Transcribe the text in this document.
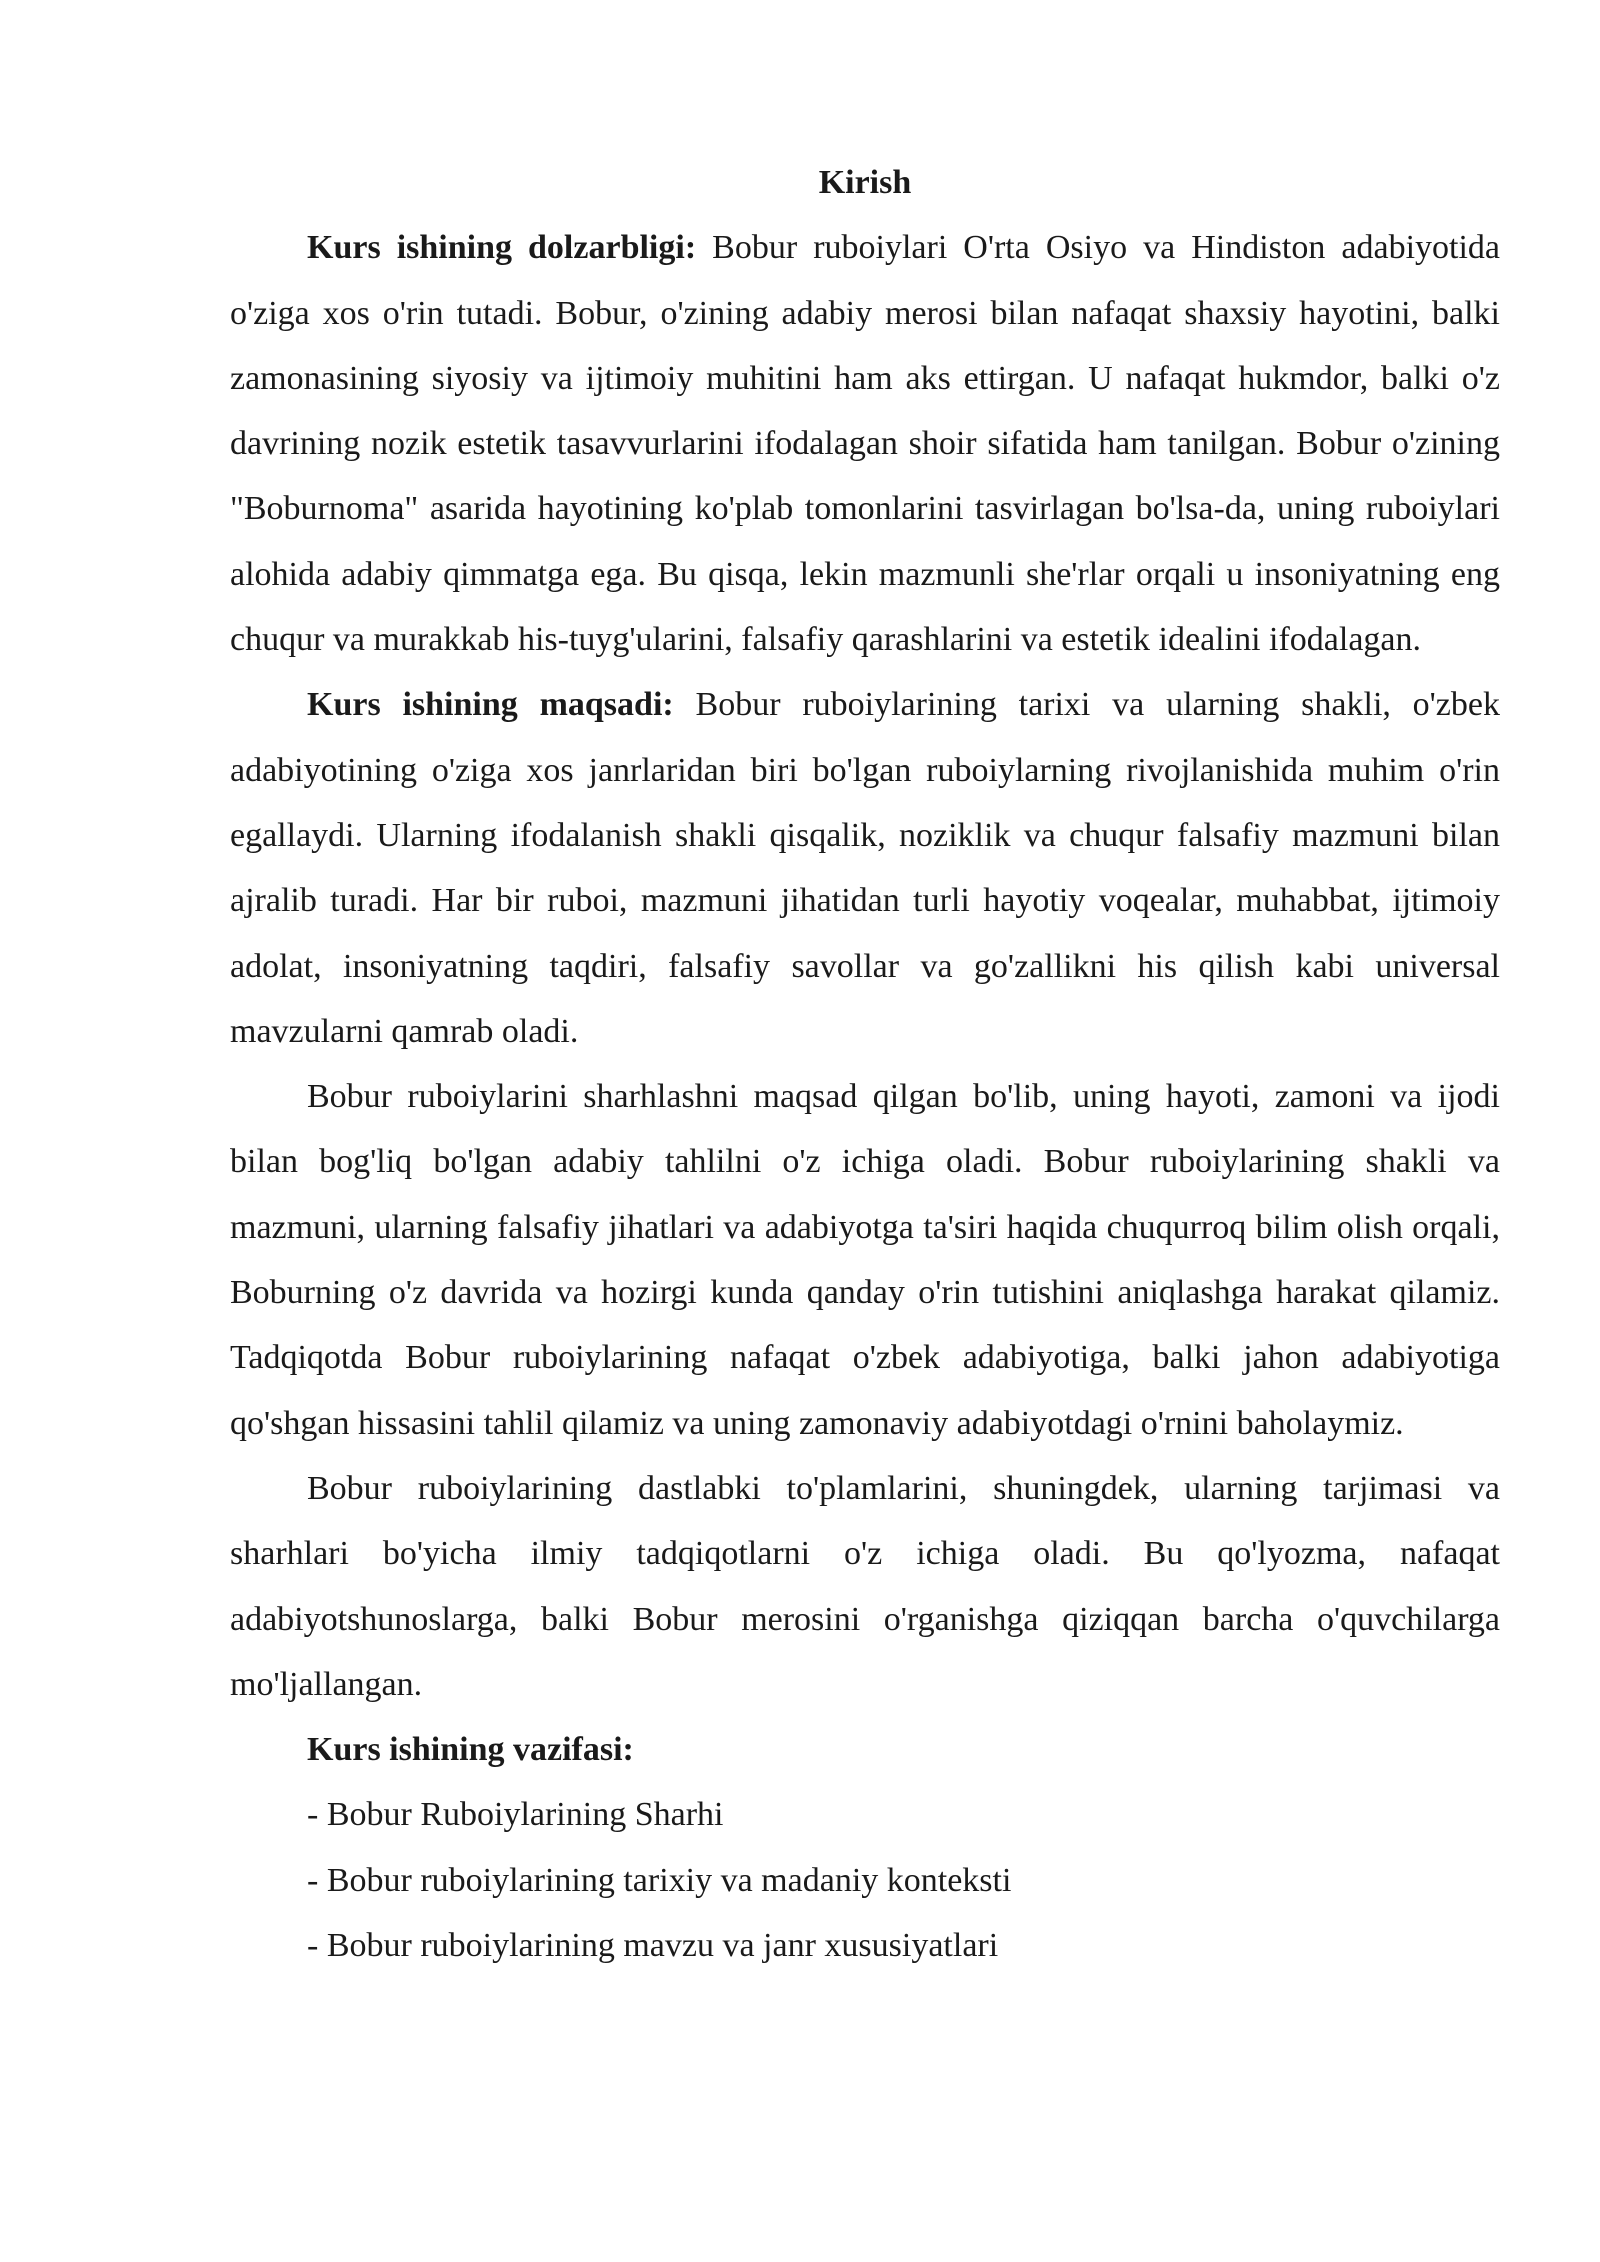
Kirish

Kurs ishining dolzarbligi: Bobur ruboiylari O'rta Osiyo va Hindiston adabiyotida o'ziga xos o'rin tutadi. Bobur, o'zining adabiy merosi bilan nafaqat shaxsiy hayotini, balki zamonasining siyosiy va ijtimoiy muhitini ham aks ettirgan. U nafaqat hukmdor, balki o'z davrining nozik estetik tasavvurlarini ifodalagan shoir sifatida ham tanilgan. Bobur o'zining "Boburnoma" asarida hayotining ko'plab tomonlarini tasvirlagan bo'lsa-da, uning ruboiylari alohida adabiy qimmatga ega. Bu qisqa, lekin mazmunli she'rlar orqali u insoniyatning eng chuqur va murakkab his-tuyg'ularini, falsafiy qarashlarini va estetik idealini ifodalagan.

Kurs ishining maqsadi: Bobur ruboiylarining tarixi va ularning shakli, o'zbek adabiyotining o'ziga xos janrlaridan biri bo'lgan ruboiylarning rivojlanishida muhim o'rin egallaydi. Ularning ifodalanish shakli qisqalik, noziklik va chuqur falsafiy mazmuni bilan ajralib turadi. Har bir ruboi, mazmuni jihatidan turli hayotiy voqealar, muhabbat, ijtimoiy adolat, insoniyatning taqdiri, falsafiy savollar va go'zallikni his qilish kabi universal mavzularni qamrab oladi.

Bobur ruboiylarini sharhlashni maqsad qilgan bo'lib, uning hayoti, zamoni va ijodi bilan bog'liq bo'lgan adabiy tahlilni o'z ichiga oladi. Bobur ruboiylarining shakli va mazmuni, ularning falsafiy jihatlari va adabiyotga ta'siri haqida chuqurroq bilim olish orqali, Boburning o'z davrida va hozirgi kunda qanday o'rin tutishini aniqlashga harakat qilamiz. Tadqiqotda Bobur ruboiylarining nafaqat o'zbek adabiyotiga, balki jahon adabiyotiga qo'shgan hissasini tahlil qilamiz va uning zamonaviy adabiyotdagi o'rnini baholaymiz.

Bobur ruboiylarining dastlabki to'plamlarini, shuningdek, ularning tarjimasi va sharhlari bo'yicha ilmiy tadqiqotlarni o'z ichiga oladi. Bu qo'lyozma, nafaqat adabiyotshunoslarga, balki Bobur merosini o'rganishga qiziqqan barcha o'quvchilarga mo'ljallangan.

Kurs ishining vazifasi:

- Bobur Ruboiylarining Sharhi
- Bobur ruboiylarining tarixiy va madaniy konteksti
- Bobur ruboiylarining mavzu va janr xususiyatlari
